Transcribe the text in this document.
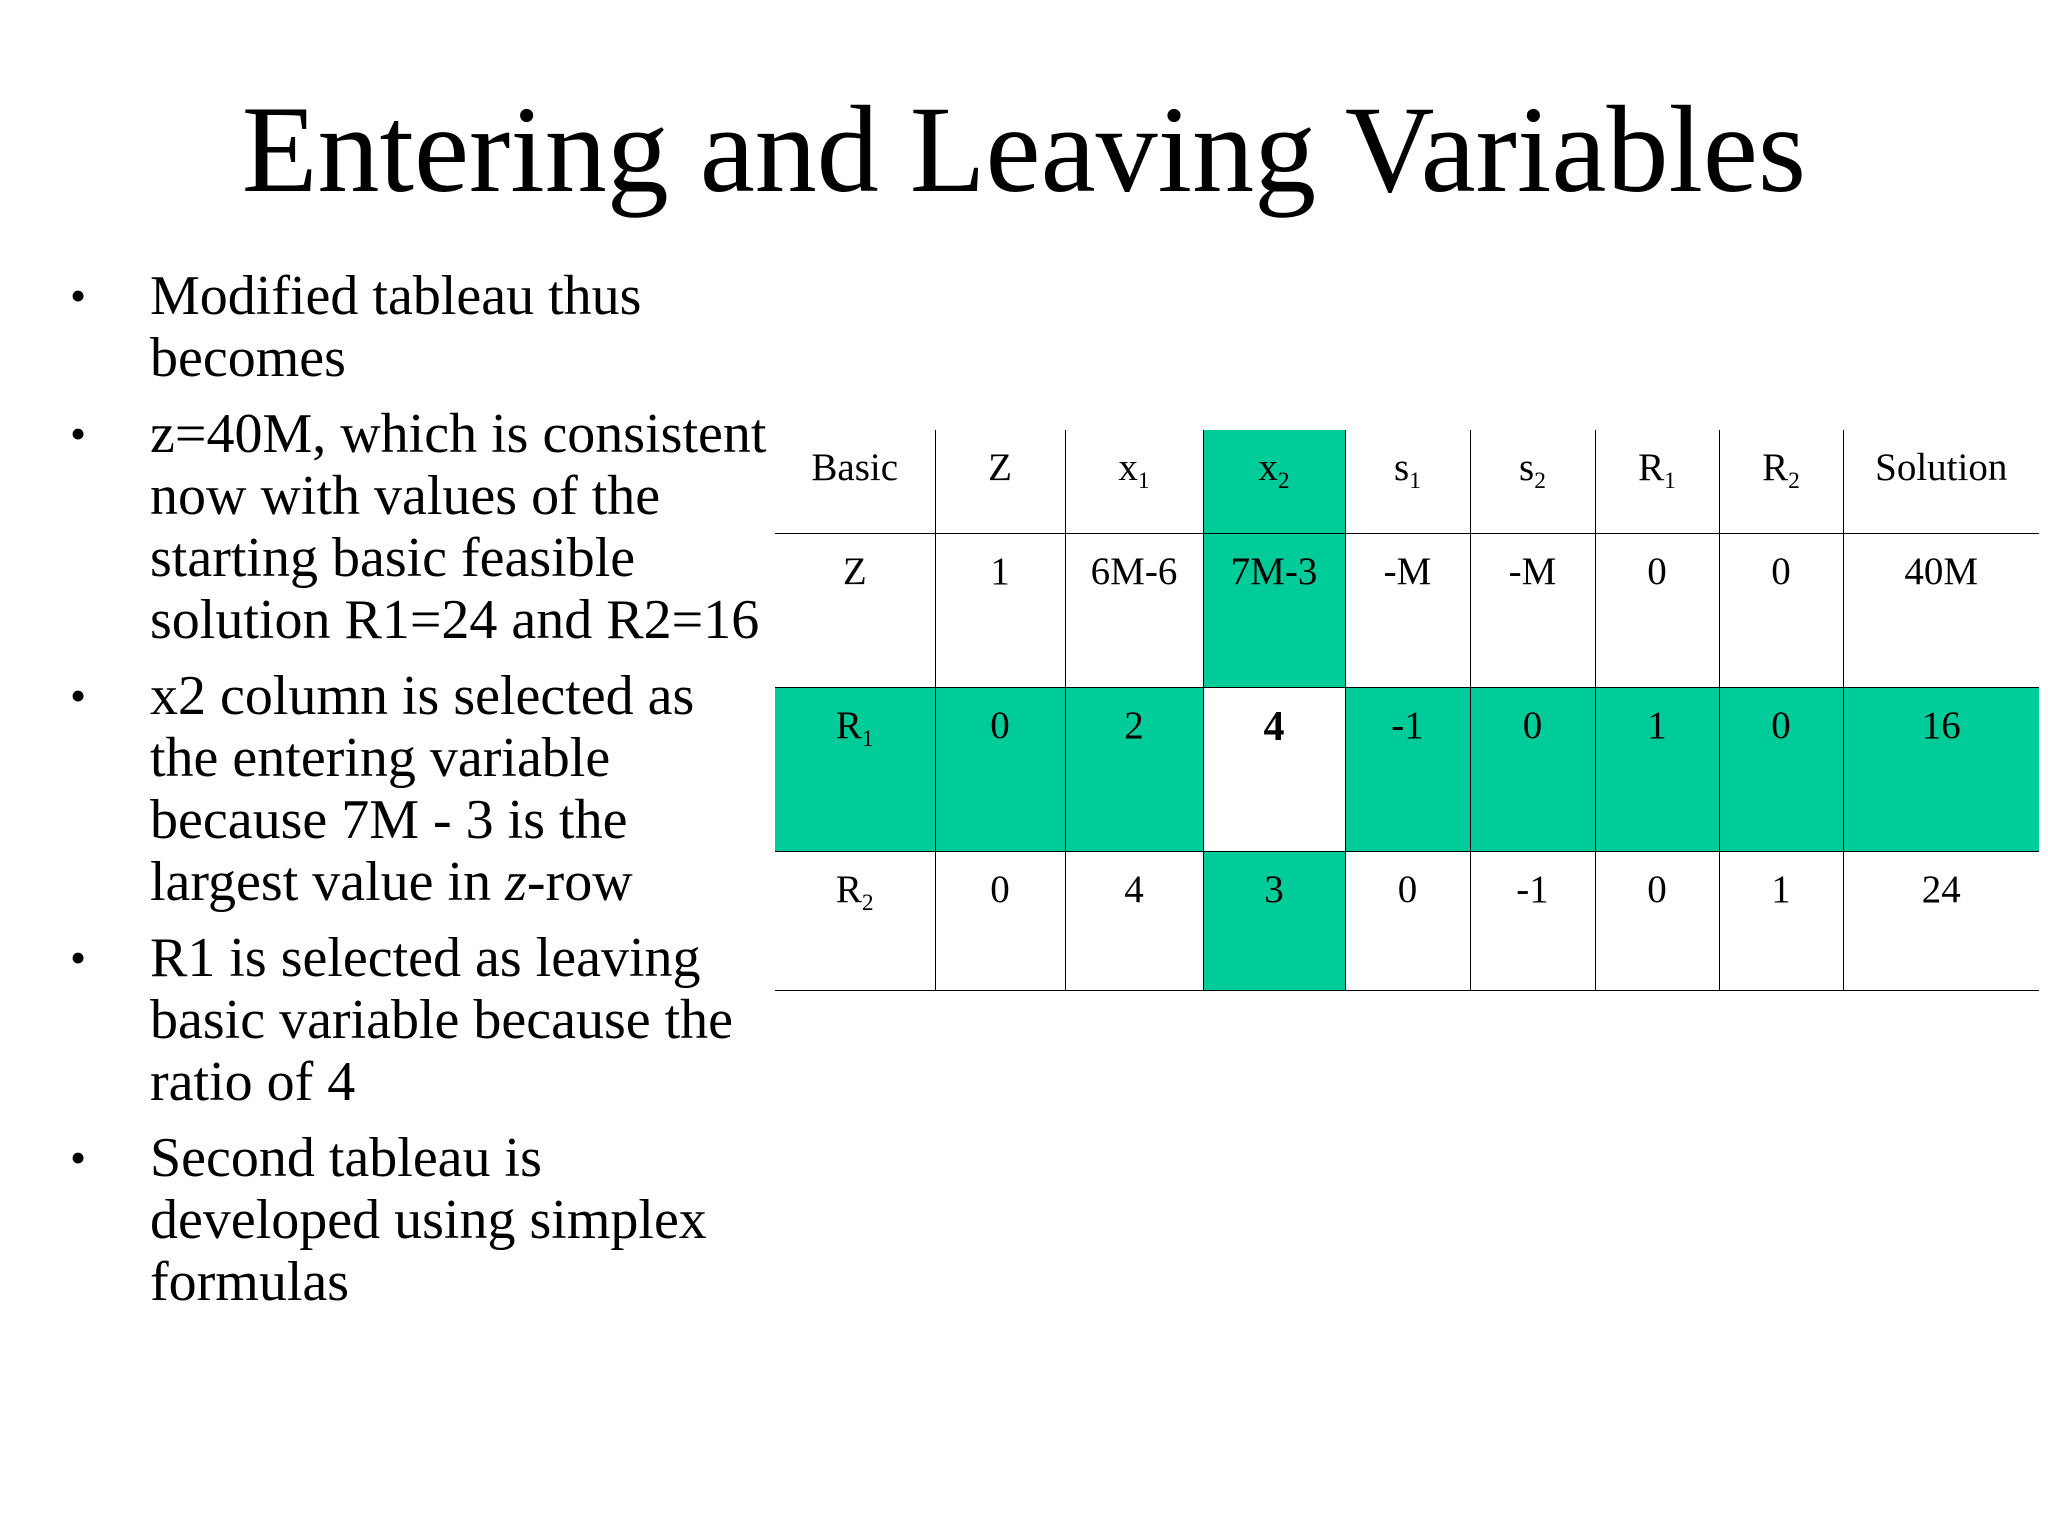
Entering and Leaving Variables
• Modified tableau thus becomes
• z=40M, which is consistent now with values of the starting basic feasible solution R1=24 and R2=16
• x2 column is selected as the entering variable because 7M - 3 is the largest value in z-row
• R1 is selected as leaving basic variable because the ratio of 4
• Second tableau is developed using simplex formulas
Basic	Z	$x_1$	$x_2$	$s_1$	$s_2$	$R_1$	$R_2$	Solution
Z	1	6M-6	7M-3	-M	-M	0	0	40M
$R_1$	0	2	4	-1	0	1	0	16
$R_2$	0	4	3	0	-1	0	1	24
